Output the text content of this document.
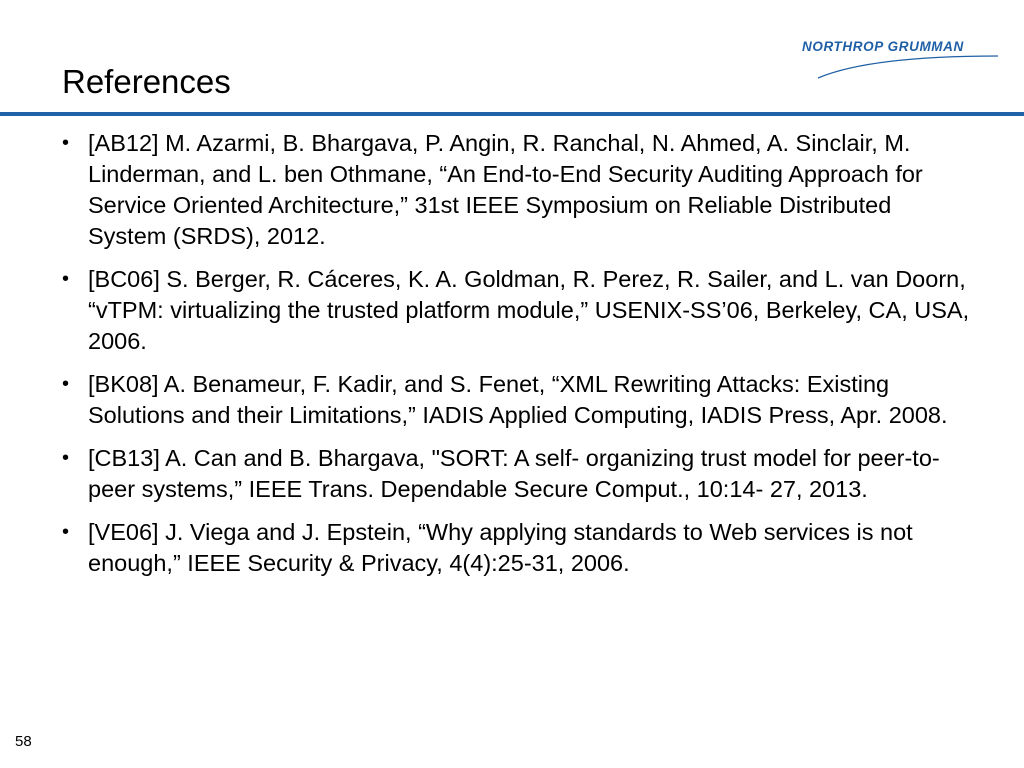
NORTHROP GRUMMAN
References
• [AB12] M. Azarmi, B. Bhargava, P. Angin, R. Ranchal, N. Ahmed, A. Sinclair, M. Linderman, and L. ben Othmane, “An End-to-End Security Auditing Approach for Service Oriented Architecture,” 31st IEEE Symposium on Reliable Distributed System (SRDS), 2012.
• [BC06] S. Berger, R. Cáceres, K. A. Goldman, R. Perez, R. Sailer, and L. van Doorn, “vTPM: virtualizing the trusted platform module,” USENIX-SS’06, Berkeley, CA, USA, 2006.
• [BK08] A. Benameur, F. Kadir, and S. Fenet, “XML Rewriting Attacks: Existing Solutions and their Limitations,” IADIS Applied Computing, IADIS Press, Apr. 2008.
• [CB13] A. Can and B. Bhargava, "SORT: A self- organizing trust model for peer-to-peer systems,” IEEE Trans. Dependable Secure Comput., 10:14- 27, 2013.
• [VE06] J. Viega and J. Epstein, “Why applying standards to Web services is not enough,” IEEE Security & Privacy, 4(4):25-31, 2006.
58
